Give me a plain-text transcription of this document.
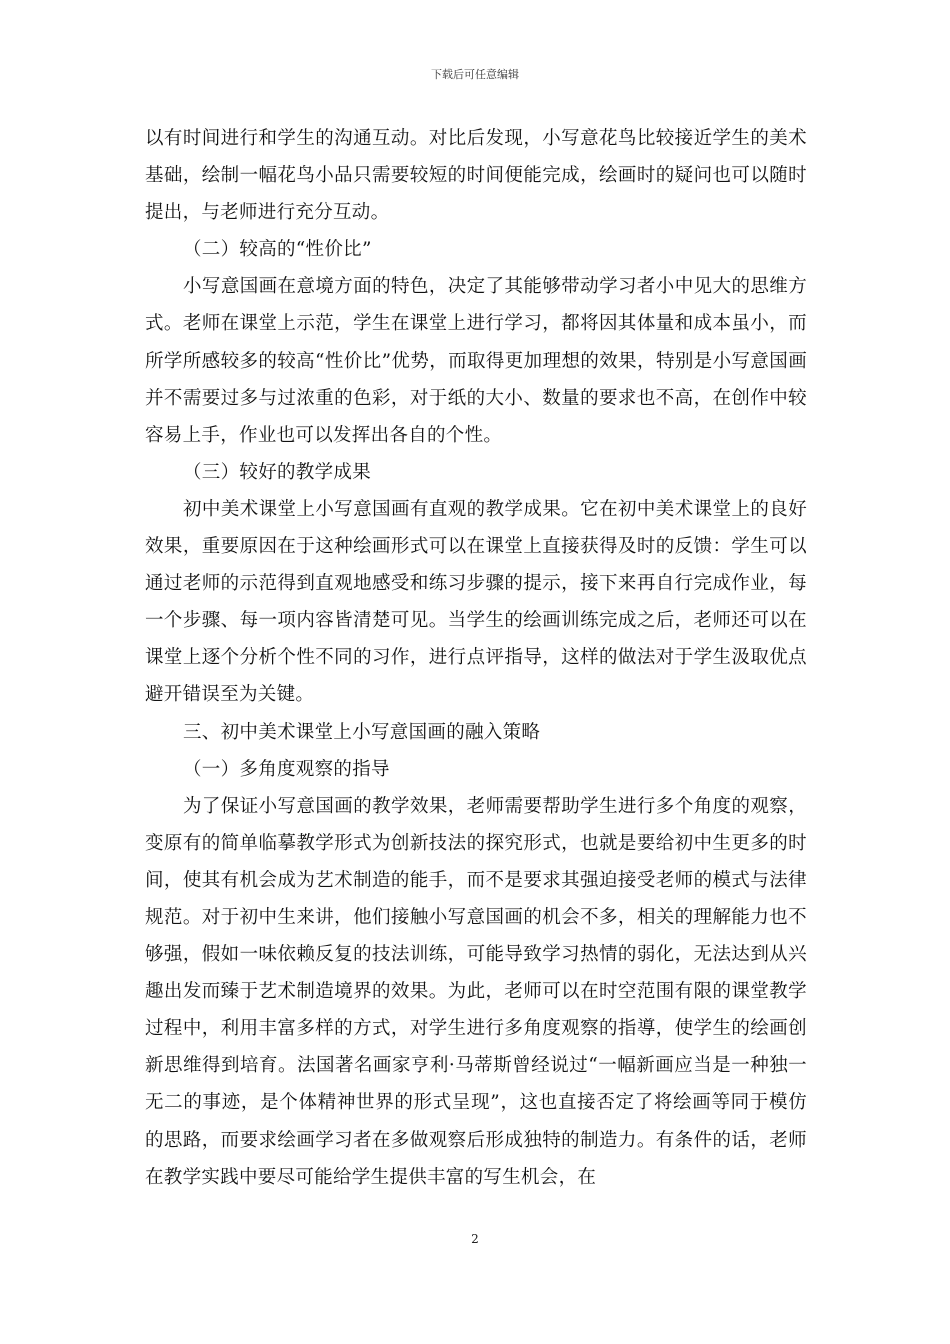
下载后可任意编辑

以有时间进行和学生的沟通互动。对比后发现，小写意花鸟比较接近学生的美术基础，绘制一幅花鸟小品只需要较短的时间便能完成，绘画时的疑问也可以随时提出，与老师进行充分互动。

（二）较高的“性价比”

小写意国画在意境方面的特色，决定了其能够带动学习者小中见大的思维方式。老师在课堂上示范，学生在课堂上进行学习，都将因其体量和成本虽小，而所学所感较多的较高“性价比”优势，而取得更加理想的效果，特别是小写意国画并不需要过多与过浓重的色彩，对于纸的大小、数量的要求也不高，在创作中较容易上手，作业也可以发挥出各自的个性。

（三）较好的教学成果

初中美术课堂上小写意国画有直观的教学成果。它在初中美术课堂上的良好效果，重要原因在于这种绘画形式可以在课堂上直接获得及时的反馈：学生可以通过老师的示范得到直观地感受和练习步骤的提示，接下来再自行完成作业，每一个步骤、每一项内容皆清楚可见。当学生的绘画训练完成之后，老师还可以在课堂上逐个分析个性不同的习作，进行点评指导，这样的做法对于学生汲取优点避开错误至为关键。

三、初中美术课堂上小写意国画的融入策略

（一）多角度观察的指导

为了保证小写意国画的教学效果，老师需要帮助学生进行多个角度的观察，变原有的简单临摹教学形式为创新技法的探究形式，也就是要给初中生更多的时间，使其有机会成为艺术制造的能手，而不是要求其强迫接受老师的模式与法律规范。对于初中生来讲，他们接触小写意国画的机会不多，相关的理解能力也不够强，假如一味依赖反复的技法训练，可能导致学习热情的弱化，无法达到从兴趣出发而臻于艺术制造境界的效果。为此，老师可以在时空范围有限的课堂教学过程中，利用丰富多样的方式，对学生进行多角度观察的指導，使学生的绘画创新思维得到培育。法国著名画家亨利·马蒂斯曾经说过“一幅新画应当是一种独一无二的事迹，是个体精神世界的形式呈现”，这也直接否定了将绘画等同于模仿的思路，而要求绘画学习者在多做观察后形成独特的制造力。有条件的话，老师在教学实践中要尽可能给学生提供丰富的写生机会，在

2
